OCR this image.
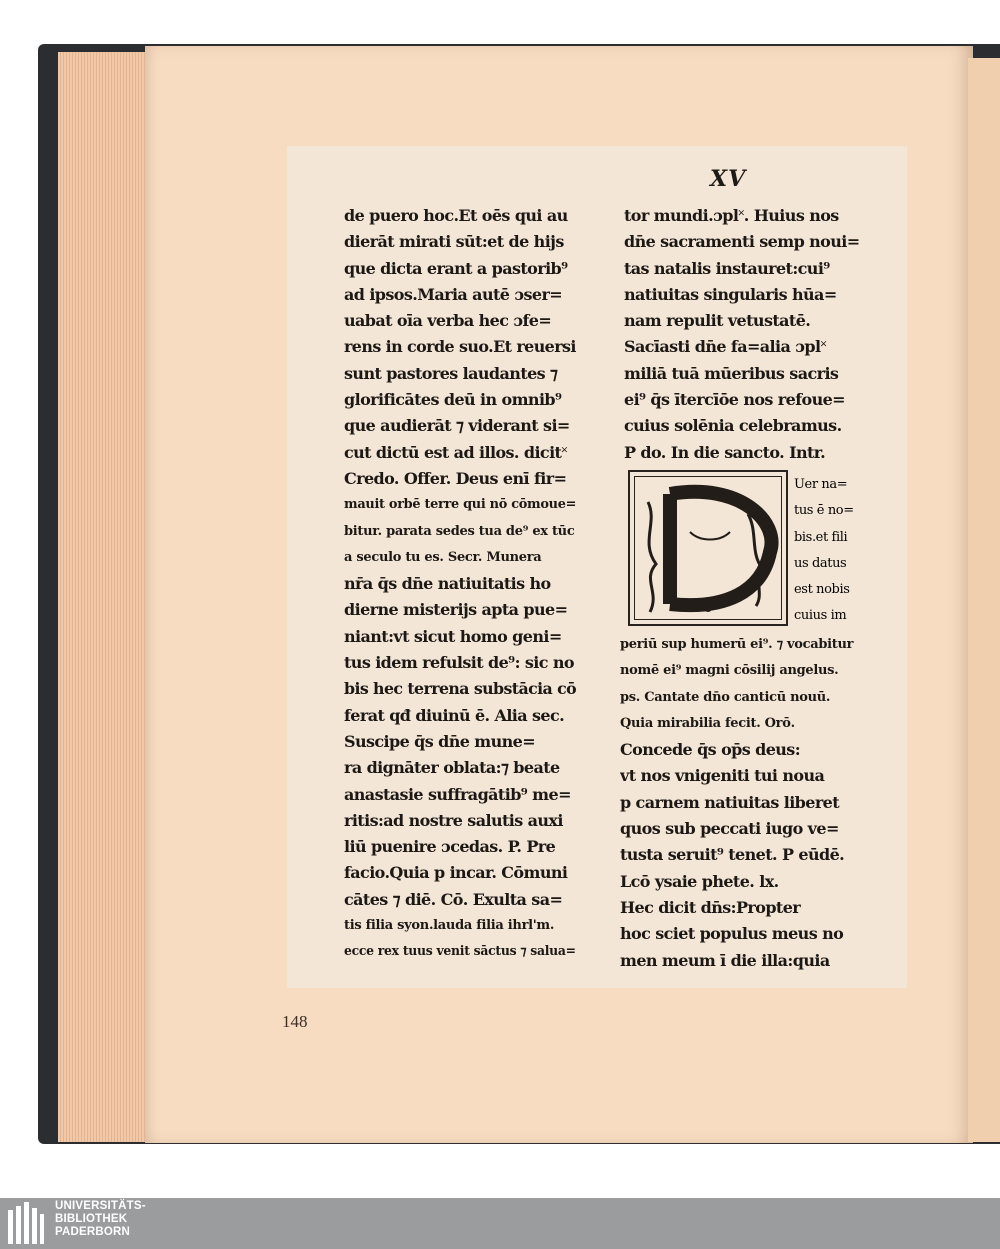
XV
de puero hoc.Et oēs qui au
dierāt mirati sūt:et de hijs
que dicta erant a pastorib⁹
ad ipsos.Maria autē ɔser=
uabat oīa verba hec ɔfe=
rens in corde suo.Et reuersi
sunt pastores laudantes ⁊
glorificātes deū in omnib⁹
que audierāt ⁊ viderant si=
cut dictū est ad illos. dicit˟
Credo. Offer. Deus enī fir=
mauit orbē terre qui nō cōmoue=
bitur. parata sedes tua de⁹ ex tūc
a seculo tu es. Secr. Munera
nr̄a q̄s dn̄e natiuitatis ho
dierne misterijs apta pue=
niant:vt sicut homo geni=
tus idem refulsit de⁹: sic no
bis hec terrena substācia cō
ferat qđ diuinū ē. Alia sec.
Suscipe q̄s dn̄e mune=
ra dignāter oblata:⁊ beate
anastasie suffragātib⁹ me=
ritis:ad nostre salutis auxi
liū puenire ɔcedas. P. Pre
facio.Quia p incar. Cōmuni
cātes ⁊ diē. Cō. Exulta sa=
tis filia syon.lauda filia ihrl'm.
ecce rex tuus venit sāctus ⁊ salua=
tor mundi.ɔpl˟. Huius nos
dn̄e sacramenti semp noui=
tas natalis instauret:cui⁹
natiuitas singularis hūa=
nam repulit vetustatē.
Sacīasti dn̄e fa=alia ɔpl˟
miliā tuā mūeribus sacris
ei⁹ q̄s ītercīōe nos refoue=
cuius solēnia celebramus.
P do. In die sancto. Intr.
Uer na=
tus ē no=
bis.et fili
us datus
est nobis
cuius im
periū sup humerū ei⁹. ⁊ vocabitur
nomē ei⁹ magni cōsilij angelus.
ps. Cantate dn̄o canticū nouū.
Quia mirabilia fecit. Orō.
Concede q̄s op̄s deus:
vt nos vnigeniti tui noua
p carnem natiuitas liberet
quos sub peccati iugo ve=
tusta seruit⁹ tenet. P eūdē.
Lcō ysaie phete. lx.
Hec dicit dn̄s:Propter
hoc sciet populus meus no
men meum ī die illa:quia
148
UNIVERSITÄTS-
BIBLIOTHEK
PADERBORN
